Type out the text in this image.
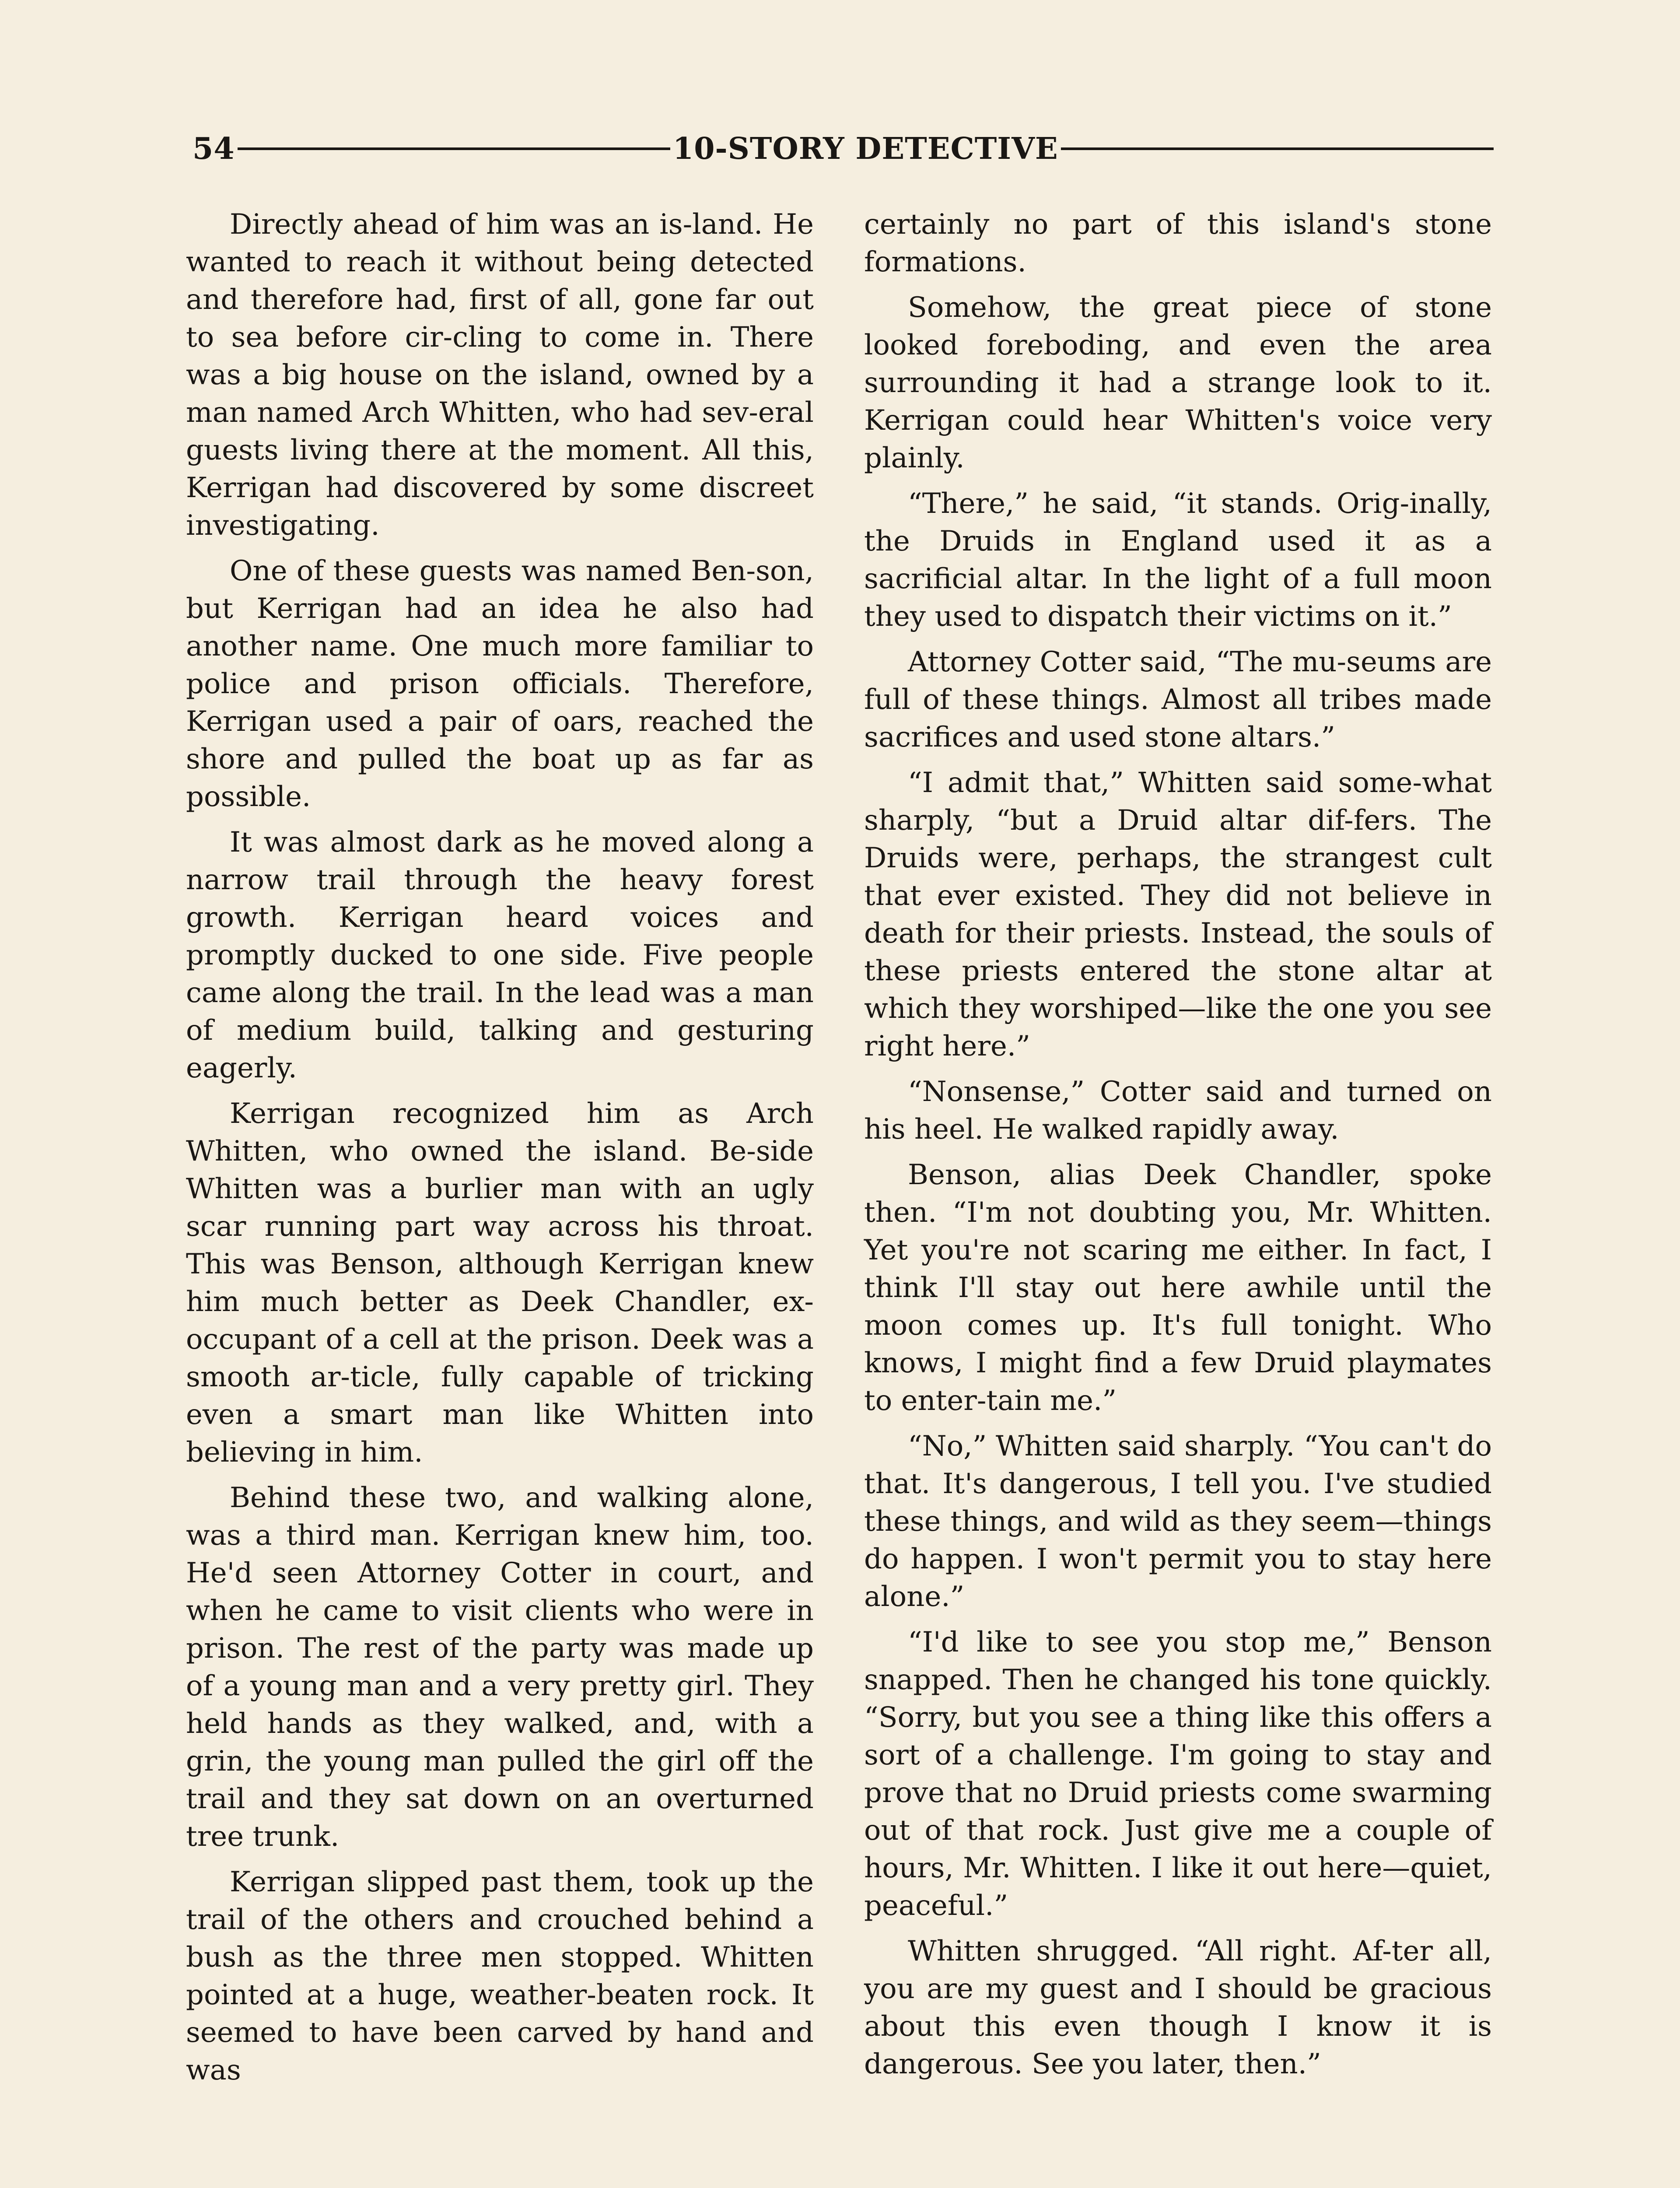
54	10-STORY DETECTIVE

Directly ahead of him was an is-land. He wanted to reach it without being detected and therefore had, first of all, gone far out to sea before cir-cling to come in. There was a big house on the island, owned by a man named Arch Whitten, who had sev-eral guests living there at the moment. All this, Kerrigan had discovered by some discreet investigating.

One of these guests was named Ben-son, but Kerrigan had an idea he also had another name. One much more familiar to police and prison officials. Therefore, Kerrigan used a pair of oars, reached the shore and pulled the boat up as far as possible.

It was almost dark as he moved along a narrow trail through the heavy forest growth. Kerrigan heard voices and promptly ducked to one side. Five people came along the trail. In the lead was a man of medium build, talking and gesturing eagerly.

Kerrigan recognized him as Arch Whitten, who owned the island. Be-side Whitten was a burlier man with an ugly scar running part way across his throat. This was Benson, although Kerrigan knew him much better as Deek Chandler, ex-occupant of a cell at the prison. Deek was a smooth ar-ticle, fully capable of tricking even a smart man like Whitten into believing in him.

Behind these two, and walking alone, was a third man. Kerrigan knew him, too. He'd seen Attorney Cotter in court, and when he came to visit clients who were in prison. The rest of the party was made up of a young man and a very pretty girl. They held hands as they walked, and, with a grin, the young man pulled the girl off the trail and they sat down on an overturned tree trunk.

Kerrigan slipped past them, took up the trail of the others and crouched behind a bush as the three men stopped. Whitten pointed at a huge, weather-beaten rock. It seemed to have been carved by hand and was

certainly no part of this island's stone formations.

Somehow, the great piece of stone looked foreboding, and even the area surrounding it had a strange look to it. Kerrigan could hear Whitten's voice very plainly.

“There,” he said, “it stands. Orig-inally, the Druids in England used it as a sacrificial altar. In the light of a full moon they used to dispatch their victims on it.”

Attorney Cotter said, “The mu-seums are full of these things. Almost all tribes made sacrifices and used stone altars.”

“I admit that,” Whitten said some-what sharply, “but a Druid altar dif-fers. The Druids were, perhaps, the strangest cult that ever existed. They did not believe in death for their priests. Instead, the souls of these priests entered the stone altar at which they worshiped—like the one you see right here.”

“Nonsense,” Cotter said and turned on his heel. He walked rapidly away.

Benson, alias Deek Chandler, spoke then. “I'm not doubting you, Mr. Whitten. Yet you're not scaring me either. In fact, I think I'll stay out here awhile until the moon comes up. It's full tonight. Who knows, I might find a few Druid playmates to enter-tain me.”

“No,” Whitten said sharply. “You can't do that. It's dangerous, I tell you. I've studied these things, and wild as they seem—things do happen. I won't permit you to stay here alone.”

“I'd like to see you stop me,” Benson snapped. Then he changed his tone quickly. “Sorry, but you see a thing like this offers a sort of a challenge. I'm going to stay and prove that no Druid priests come swarming out of that rock. Just give me a couple of hours, Mr. Whitten. I like it out here—quiet, peaceful.”

Whitten shrugged. “All right. Af-ter all, you are my guest and I should be gracious about this even though I know it is dangerous. See you later, then.”
